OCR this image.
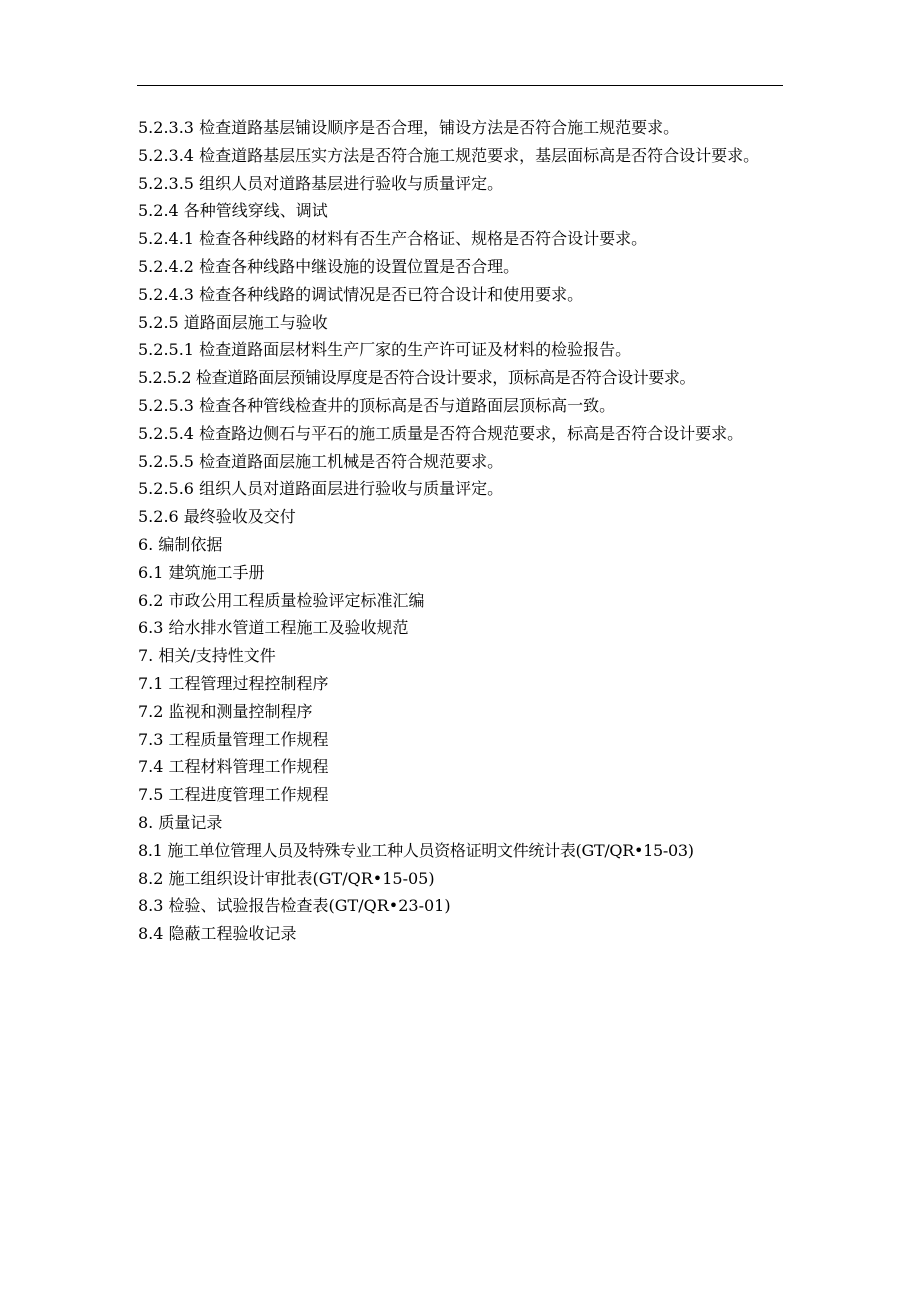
5.2.3.3 检查道路基层铺设顺序是否合理，铺设方法是否符合施工规范要求。
5.2.3.4 检查道路基层压实方法是否符合施工规范要求，基层面标高是否符合设计要求。
5.2.3.5 组织人员对道路基层进行验收与质量评定。
5.2.4 各种管线穿线、调试
5.2.4.1 检查各种线路的材料有否生产合格证、规格是否符合设计要求。
5.2.4.2 检查各种线路中继设施的设置位置是否合理。
5.2.4.3 检查各种线路的调试情况是否已符合设计和使用要求。
5.2.5 道路面层施工与验收
5.2.5.1 检查道路面层材料生产厂家的生产许可证及材料的检验报告。
5.2.5.2 检查道路面层预铺设厚度是否符合设计要求，顶标高是否符合设计要求。
5.2.5.3 检查各种管线检查井的顶标高是否与道路面层顶标高一致。
5.2.5.4 检查路边侧石与平石的施工质量是否符合规范要求，标高是否符合设计要求。
5.2.5.5 检查道路面层施工机械是否符合规范要求。
5.2.5.6 组织人员对道路面层进行验收与质量评定。
5.2.6 最终验收及交付
6. 编制依据
6.1 建筑施工手册
6.2 市政公用工程质量检验评定标准汇编
6.3 给水排水管道工程施工及验收规范
7. 相关/支持性文件
7.1 工程管理过程控制程序
7.2 监视和测量控制程序
7.3 工程质量管理工作规程
7.4 工程材料管理工作规程
7.5 工程进度管理工作规程
8. 质量记录
8.1 施工单位管理人员及特殊专业工种人员资格证明文件统计表(GT/QR•15-03)
8.2 施工组织设计审批表(GT/QR•15-05)
8.3 检验、试验报告检查表(GT/QR•23-01)
8.4 隐蔽工程验收记录
